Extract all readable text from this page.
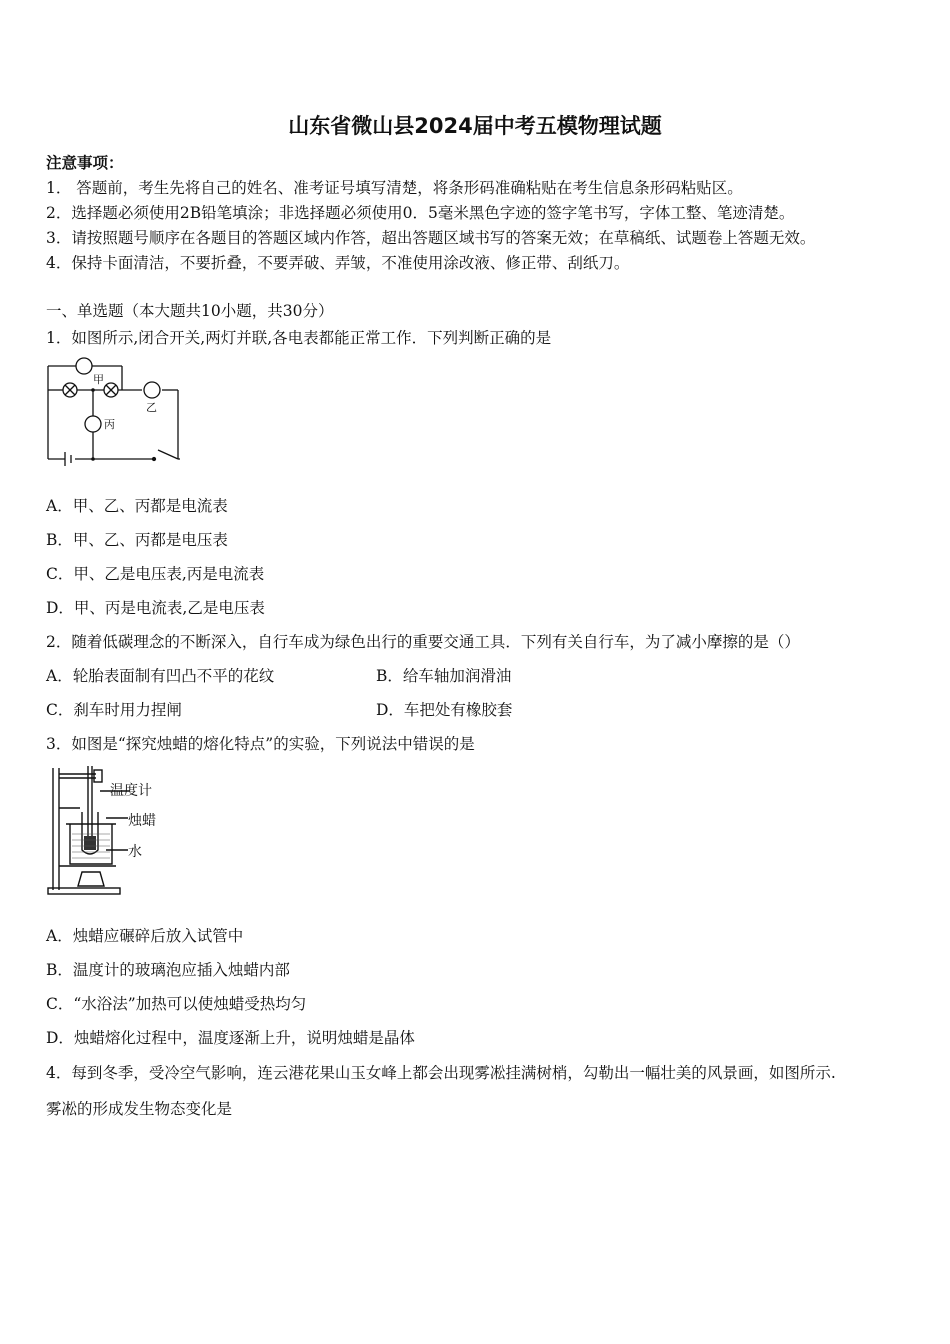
山东省微山县2024届中考五模物理试题
注意事项：
1． 答题前，考生先将自己的姓名、准考证号填写清楚，将条形码准确粘贴在考生信息条形码粘贴区。
2．选择题必须使用2B铅笔填涂；非选择题必须使用0．5毫米黑色字迹的签字笔书写，字体工整、笔迹清楚。
3．请按照题号顺序在各题目的答题区域内作答，超出答题区域书写的答案无效；在草稿纸、试题卷上答题无效。
4．保持卡面清洁，不要折叠，不要弄破、弄皱，不准使用涂改液、修正带、刮纸刀。
一、单选题（本大题共10小题，共30分）
1．如图所示,闭合开关,两灯并联,各电表都能正常工作．下列判断正确的是
甲
乙
丙
A．甲、乙、丙都是电流表
B．甲、乙、丙都是电压表
C．甲、乙是电压表,丙是电流表
D．甲、丙是电流表,乙是电压表
2．随着低碳理念的不断深入，自行车成为绿色出行的重要交通工具．下列有关自行车，为了减小摩擦的是（）
A．轮胎表面制有凹凸不平的花纹	B．给车轴加润滑油
C．刹车时用力捏闸	D．车把处有橡胶套
3．如图是“探究烛蜡的熔化特点”的实验，下列说法中错误的是
温度计
烛蜡
水
A．烛蜡应碾碎后放入试管中
B．温度计的玻璃泡应插入烛蜡内部
C．“水浴法”加热可以使烛蜡受热均匀
D．烛蜡熔化过程中，温度逐渐上升，说明烛蜡是晶体
4．每到冬季，受冷空气影响，连云港花果山玉女峰上都会出现雾凇挂满树梢，勾勒出一幅壮美的风景画，如图所示.
雾凇的形成发生物态变化是
